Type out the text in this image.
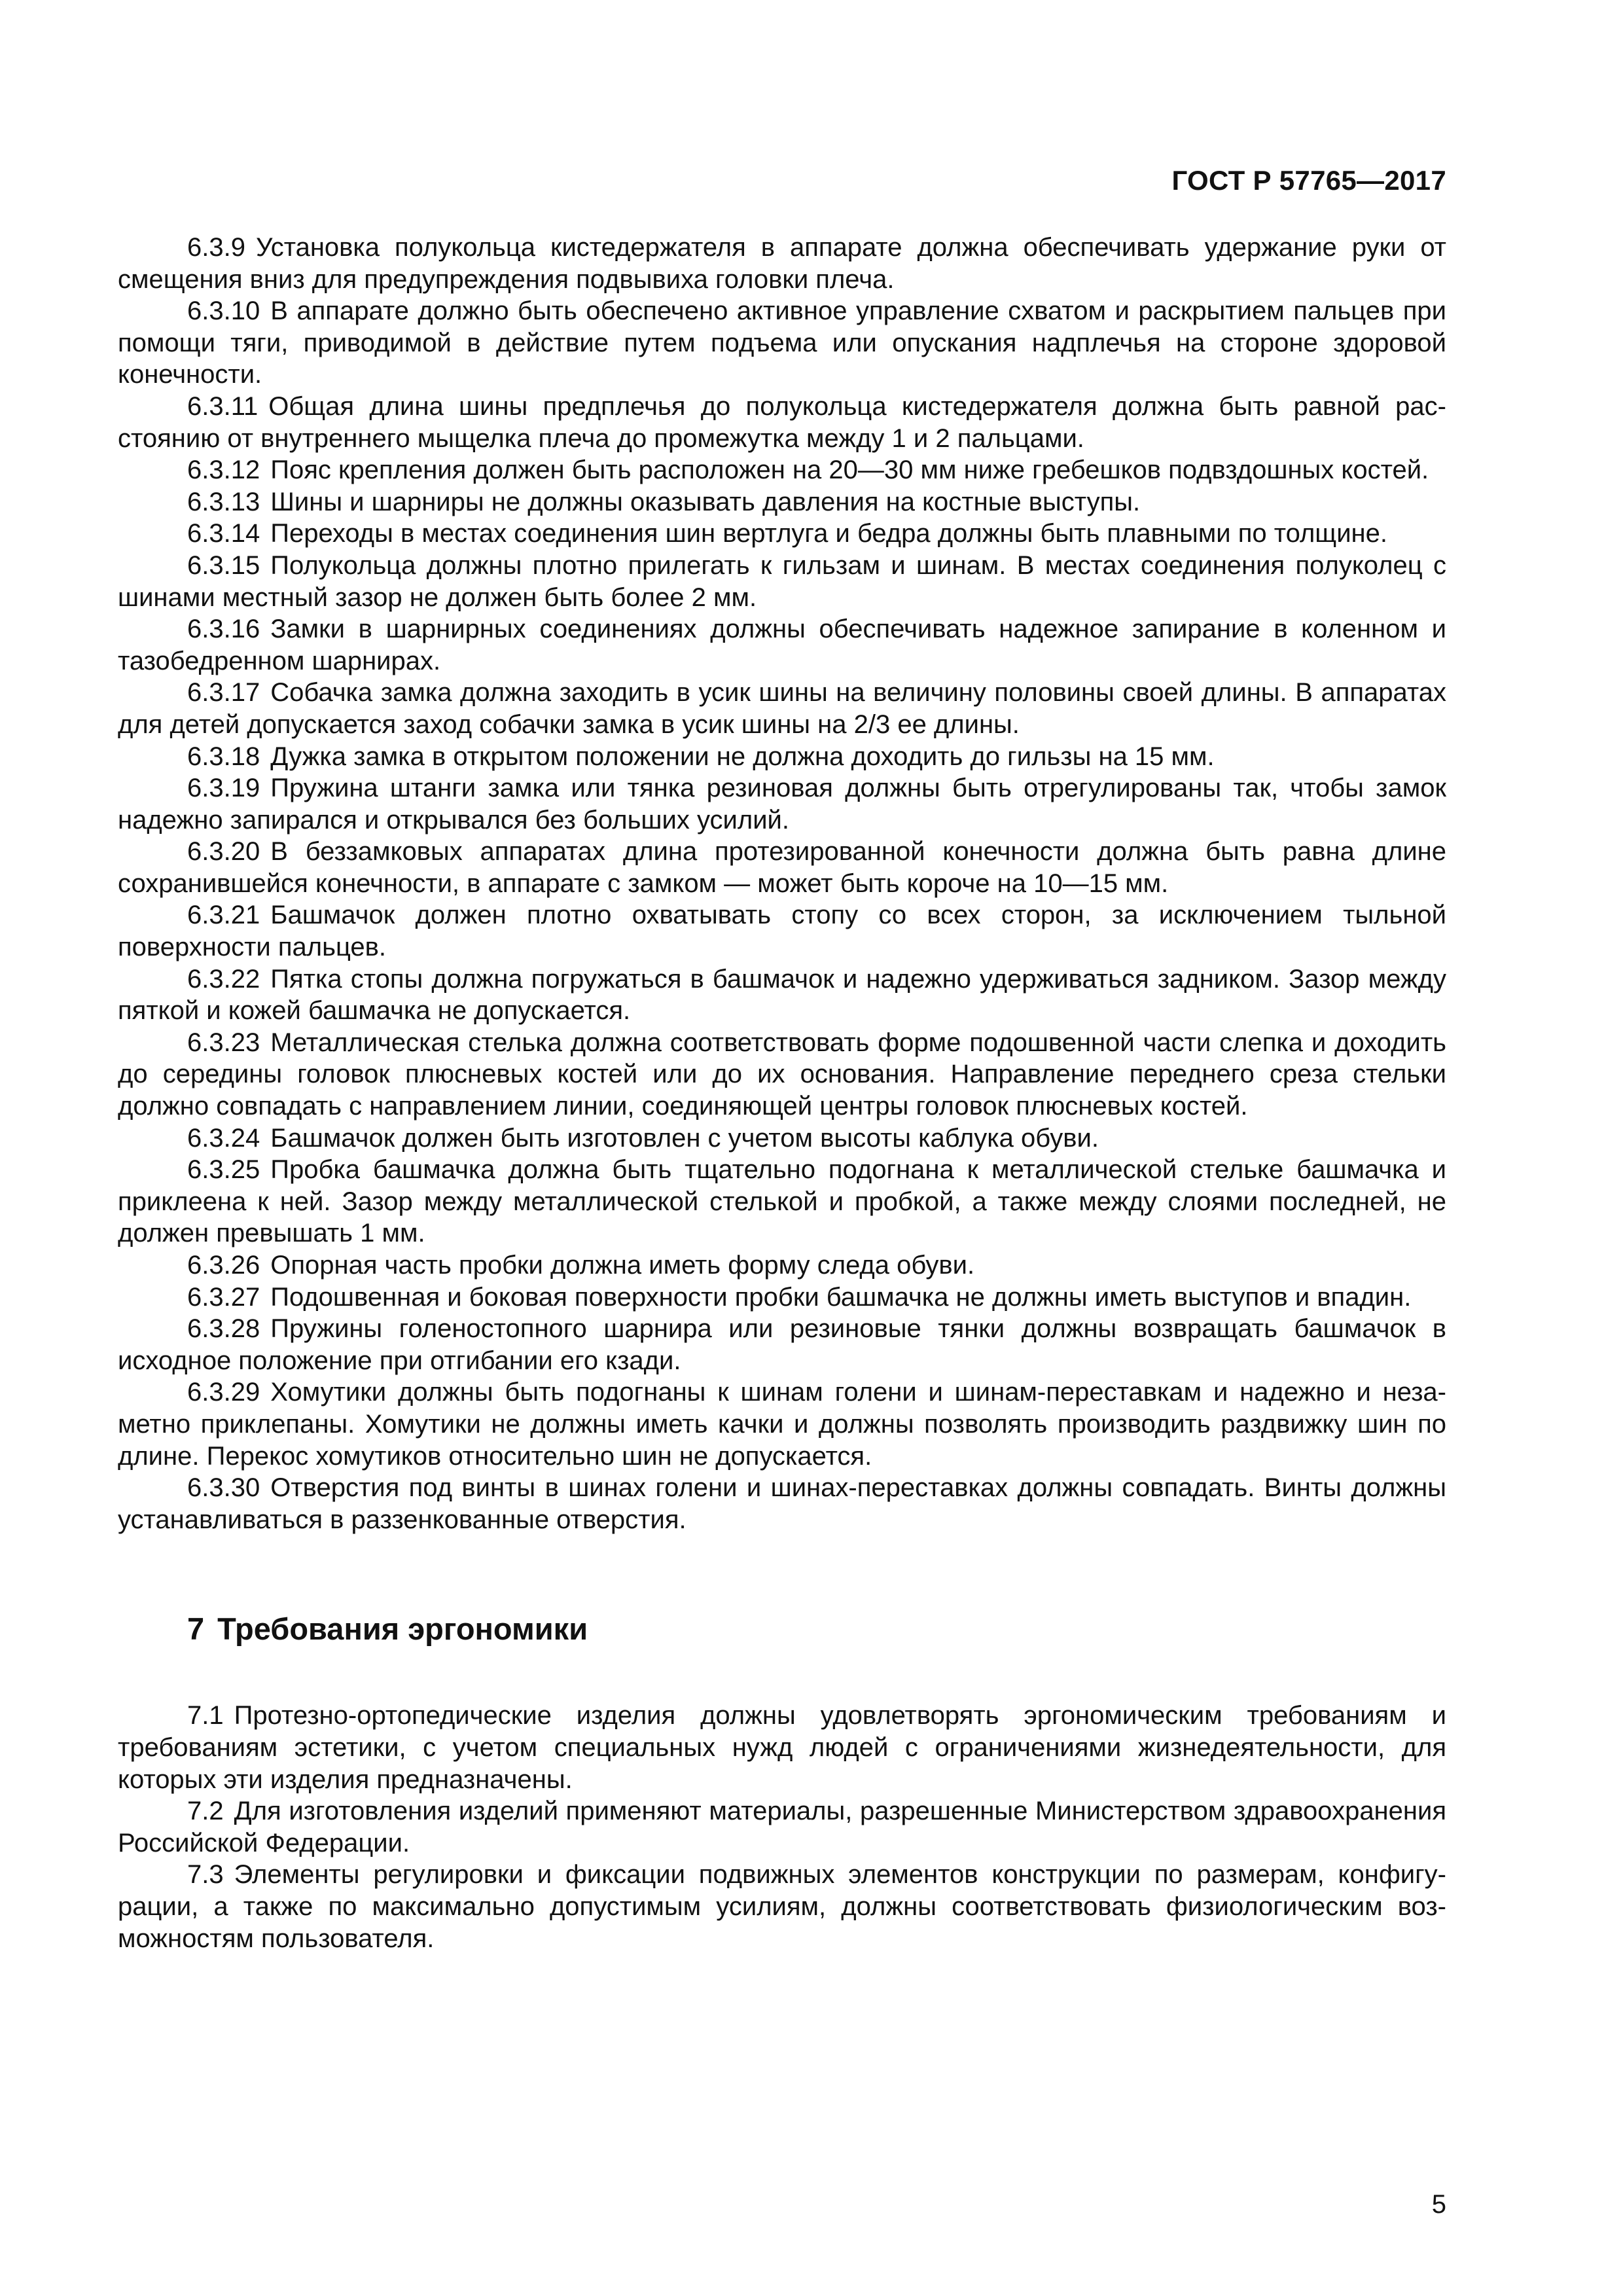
ГОСТ Р 57765—2017

6.3.9 Установка полукольца кистедержателя в аппарате должна обеспечивать удержание руки от смещения вниз для предупреждения подвывиха головки плеча.

6.3.10 В аппарате должно быть обеспечено активное управление схватом и раскрытием пальцев при помощи тяги, приводимой в действие путем подъема или опускания надплечья на стороне здоровой конечности.

6.3.11 Общая длина шины предплечья до полукольца кистедержателя должна быть равной расстоянию от внутреннего мыщелка плеча до промежутка между 1 и 2 пальцами.

6.3.12 Пояс крепления должен быть расположен на 20—30 мм ниже гребешков подвздошных костей.

6.3.13 Шины и шарниры не должны оказывать давления на костные выступы.

6.3.14 Переходы в местах соединения шин вертлуга и бедра должны быть плавными по толщине.

6.3.15 Полукольца должны плотно прилегать к гильзам и шинам. В местах соединения полуколец с шинами местный зазор не должен быть более 2 мм.

6.3.16 Замки в шарнирных соединениях должны обеспечивать надежное запирание в коленном и тазобедренном шарнирах.

6.3.17 Собачка замка должна заходить в усик шины на величину половины своей длины. В аппаратах для детей допускается заход собачки замка в усик шины на 2/3 ее длины.

6.3.18 Дужка замка в открытом положении не должна доходить до гильзы на 15 мм.

6.3.19 Пружина штанги замка или тянка резиновая должны быть отрегулированы так, чтобы замок надежно запирался и открывался без больших усилий.

6.3.20 В беззамковых аппаратах длина протезированной конечности должна быть равна длине сохранившейся конечности, в аппарате с замком — может быть короче на 10—15 мм.

6.3.21 Башмачок должен плотно охватывать стопу со всех сторон, за исключением тыльной поверхности пальцев.

6.3.22 Пятка стопы должна погружаться в башмачок и надежно удерживаться задником. Зазор между пяткой и кожей башмачка не допускается.

6.3.23 Металлическая стелька должна соответствовать форме подошвенной части слепка и доходить до середины головок плюсневых костей или до их основания. Направление переднего среза стельки должно совпадать с направлением линии, соединяющей центры головок плюсневых костей.

6.3.24 Башмачок должен быть изготовлен с учетом высоты каблука обуви.

6.3.25 Пробка башмачка должна быть тщательно подогнана к металлической стельке башмачка и приклеена к ней. Зазор между металлической стелькой и пробкой, а также между слоями последней, не должен превышать 1 мм.

6.3.26 Опорная часть пробки должна иметь форму следа обуви.

6.3.27 Подошвенная и боковая поверхности пробки башмачка не должны иметь выступов и впадин.

6.3.28 Пружины голеностопного шарнира или резиновые тянки должны возвращать башмачок в исходное положение при отгибании его кзади.

6.3.29 Хомутики должны быть подогнаны к шинам голени и шинам-переставкам и надежно и незаметно приклепаны. Хомутики не должны иметь качки и должны позволять производить раздвижку шин по длине. Перекос хомутиков относительно шин не допускается.

6.3.30 Отверстия под винты в шинах голени и шинах-переставках должны совпадать. Винты должны устанавливаться в раззенкованные отверстия.

7 Требования эргономики

7.1 Протезно-ортопедические изделия должны удовлетворять эргономическим требованиям и требованиям эстетики, с учетом специальных нужд людей с ограничениями жизнедеятельности, для которых эти изделия предназначены.

7.2 Для изготовления изделий применяют материалы, разрешенные Министерством здравоохранения Российской Федерации.

7.3 Элементы регулировки и фиксации подвижных элементов конструкции по размерам, конфигурации, а также по максимально допустимым усилиям, должны соответствовать физиологическим возможностям пользователя.

5
